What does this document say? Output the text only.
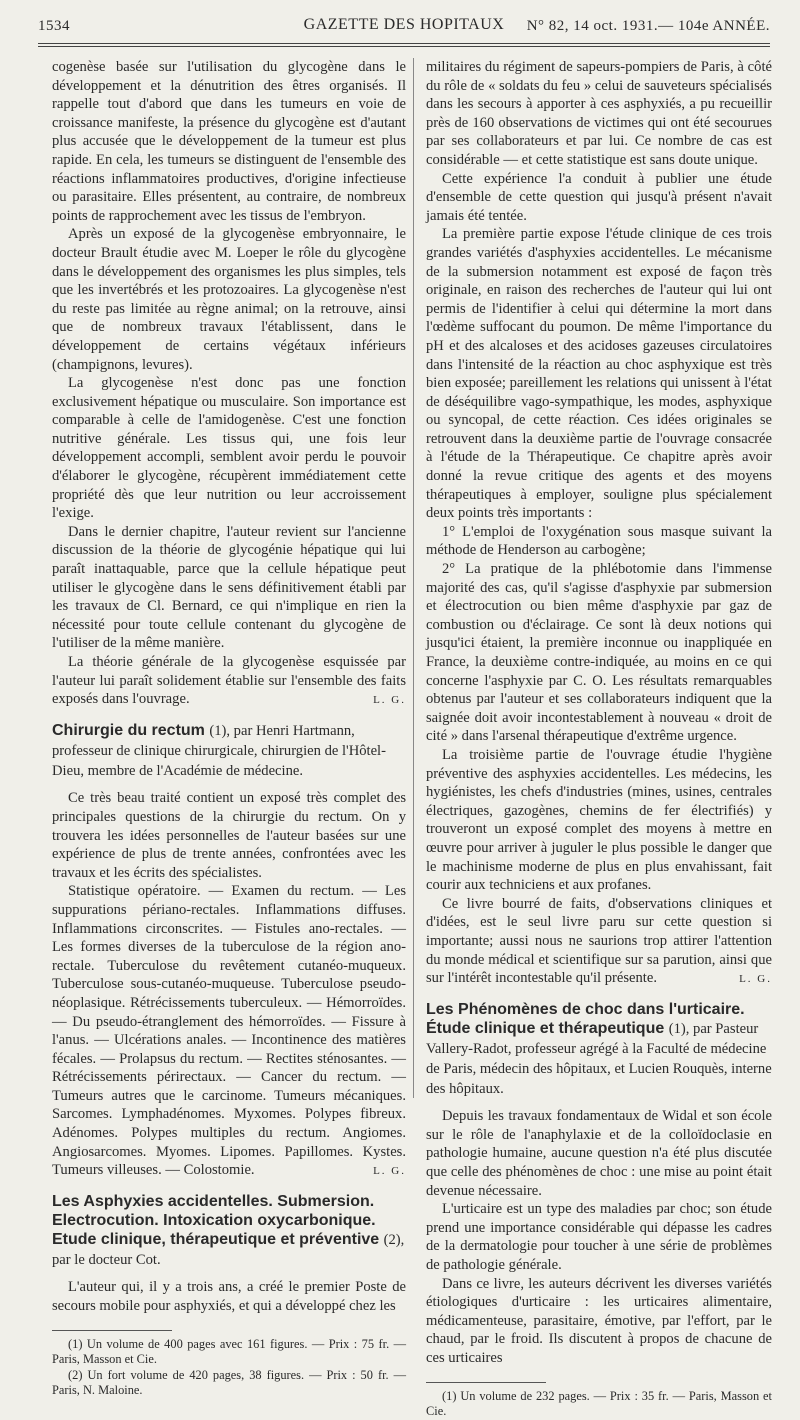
1534	GAZETTE DES HOPITAUX	N° 82, 14 oct. 1931.— 104e ANNÉE.

cogenèse basée sur l'utilisation du glycogène dans le développement et la dénutrition des êtres organisés. Il rappelle tout d'abord que dans les tumeurs en voie de croissance manifeste, la présence du glycogène est d'autant plus accusée que le développement de la tumeur est plus rapide. En cela, les tumeurs se distinguent de l'ensemble des réactions inflammatoires productives, d'origine infectieuse ou parasitaire. Elles présentent, au contraire, de nombreux points de rapprochement avec les tissus de l'embryon.

Après un exposé de la glycogenèse embryonnaire, le docteur Brault étudie avec M. Loeper le rôle du glycogène dans le développement des organismes les plus simples, tels que les invertébrés et les protozoaires. La glycogenèse n'est du reste pas limitée au règne animal; on la retrouve, ainsi que de nombreux travaux l'établissent, dans le développement de certains végétaux inférieurs (champignons, levures).

La glycogenèse n'est donc pas une fonction exclusivement hépatique ou musculaire. Son importance est comparable à celle de l'amidogenèse. C'est une fonction nutritive générale. Les tissus qui, une fois leur développement accompli, semblent avoir perdu le pouvoir d'élaborer le glycogène, récupèrent immédiatement cette propriété dès que leur nutrition ou leur accroissement l'exige.

Dans le dernier chapitre, l'auteur revient sur l'ancienne discussion de la théorie de glycogénie hépatique qui lui paraît inattaquable, parce que la cellule hépatique peut utiliser le glycogène dans le sens définitivement établi par les travaux de Cl. Bernard, ce qui n'implique en rien la nécessité pour toute cellule contenant du glycogène de l'utiliser de la même manière.

La théorie générale de la glycogenèse esquissée par l'auteur lui paraît solidement établie sur l'ensemble des faits exposés dans l'ouvrage.	L. G.
Chirurgie du rectum (1), par Henri Hartmann, professeur de clinique chirurgicale, chirurgien de l'Hôtel-Dieu, membre de l'Académie de médecine.

Ce très beau traité contient un exposé très complet des principales questions de la chirurgie du rectum. On y trouvera les idées personnelles de l'auteur basées sur une expérience de plus de trente années, confrontées avec les travaux et les écrits des spécialistes.

Statistique opératoire. — Examen du rectum. — Les suppurations périano-rectales. Inflammations diffuses. Inflammations circonscrites. — Fistules ano-rectales. — Les formes diverses de la tuberculose de la région ano-rectale. Tuberculose du revêtement cutanéo-muqueux. Tuberculose sous-cutanéo-muqueuse. Tuberculose pseudo-néoplasique. Rétrécissements tuberculeux. — Hémorroïdes. — Du pseudo-étranglement des hémorroïdes. — Fissure à l'anus. — Ulcérations anales. — Incontinence des matières fécales. — Prolapsus du rectum. — Rectites sténosantes. — Rétrécissements périrectaux. — Cancer du rectum. — Tumeurs autres que le carcinome. Tumeurs mécaniques. Sarcomes. Lymphadénomes. Myxomes. Polypes fibreux. Adénomes. Polypes multiples du rectum. Angiomes. Angiosarcomes. Myomes. Lipomes. Papillomes. Kystes. Tumeurs villeuses. — Colostomie.	L. G.
Les Asphyxies accidentelles. Submersion. Electrocution. Intoxication oxycarbonique. Etude clinique, thérapeutique et préventive (2), par le docteur Cot.

L'auteur qui, il y a trois ans, a créé le premier Poste de secours mobile pour asphyxiés, et qui a développé chez les

(1) Un volume de 400 pages avec 161 figures. — Prix : 75 fr. — Paris, Masson et Cie.

(2) Un fort volume de 420 pages, 38 figures. — Prix : 50 fr. — Paris, N. Maloine.

militaires du régiment de sapeurs-pompiers de Paris, à côté du rôle de « soldats du feu » celui de sauveteurs spécialisés dans les secours à apporter à ces asphyxiés, a pu recueillir près de 160 observations de victimes qui ont été secourues par ses collaborateurs et par lui. Ce nombre de cas est considérable — et cette statistique est sans doute unique.

Cette expérience l'a conduit à publier une étude d'ensemble de cette question qui jusqu'à présent n'avait jamais été tentée.

La première partie expose l'étude clinique de ces trois grandes variétés d'asphyxies accidentelles. Le mécanisme de la submersion notamment est exposé de façon très originale, en raison des recherches de l'auteur qui lui ont permis de l'identifier à celui qui détermine la mort dans l'œdème suffocant du poumon. De même l'importance du pH et des alcaloses et des acidoses gazeuses circulatoires dans l'intensité de la réaction au choc asphyxique est très bien exposée; pareillement les relations qui unissent à l'état de déséquilibre vago-sympathique, les modes, asphyxique ou syncopal, de cette réaction. Ces idées originales se retrouvent dans la deuxième partie de l'ouvrage consacrée à l'étude de la Thérapeutique. Ce chapitre après avoir donné la revue critique des agents et des moyens thérapeutiques à employer, souligne plus spécialement deux points très importants :

1° L'emploi de l'oxygénation sous masque suivant la méthode de Henderson au carbogène;

2° La pratique de la phlébotomie dans l'immense majorité des cas, qu'il s'agisse d'asphyxie par submersion et électrocution ou bien même d'asphyxie par gaz de combustion ou d'éclairage. Ce sont là deux notions qui jusqu'ici étaient, la première inconnue ou inappliquée en France, la deuxième contre-indiquée, au moins en ce qui concerne l'asphyxie par C. O. Les résultats remarquables obtenus par l'auteur et ses collaborateurs indiquent que la saignée doit avoir incontestablement à nouveau « droit de cité » dans l'arsenal thérapeutique d'extrême urgence.

La troisième partie de l'ouvrage étudie l'hygiène préventive des asphyxies accidentelles. Les médecins, les hygiénistes, les chefs d'industries (mines, usines, centrales électriques, gazogènes, chemins de fer électrifiés) y trouveront un exposé complet des moyens à mettre en œuvre pour arriver à juguler le plus possible le danger que le machinisme moderne de plus en plus envahissant, fait courir aux techniciens et aux profanes.

Ce livre bourré de faits, d'observations cliniques et d'idées, est le seul livre paru sur cette question si importante; aussi nous ne saurions trop attirer l'attention du monde médical et scientifique sur sa parution, ainsi que sur l'intérêt incontestable qu'il présente.	L. G.
Les Phénomènes de choc dans l'urticaire. Étude clinique et thérapeutique (1), par Pasteur Vallery-Radot, professeur agrégé à la Faculté de médecine de Paris, médecin des hôpitaux, et Lucien Rouquès, interne des hôpitaux.

Depuis les travaux fondamentaux de Widal et son école sur le rôle de l'anaphylaxie et de la colloïdoclasie en pathologie humaine, aucune question n'a été plus discutée que celle des phénomènes de choc : une mise au point était devenue nécessaire.

L'urticaire est un type des maladies par choc; son étude prend une importance considérable qui dépasse les cadres de la dermatologie pour toucher à une série de problèmes de pathologie générale.

Dans ce livre, les auteurs décrivent les diverses variétés étiologiques d'urticaire : les urticaires alimentaire, médicamenteuse, parasitaire, émotive, par l'effort, par le chaud, par le froid. Ils discutent à propos de chacune de ces urticaires

(1) Un volume de 232 pages. — Prix : 35 fr. — Paris, Masson et Cie.
